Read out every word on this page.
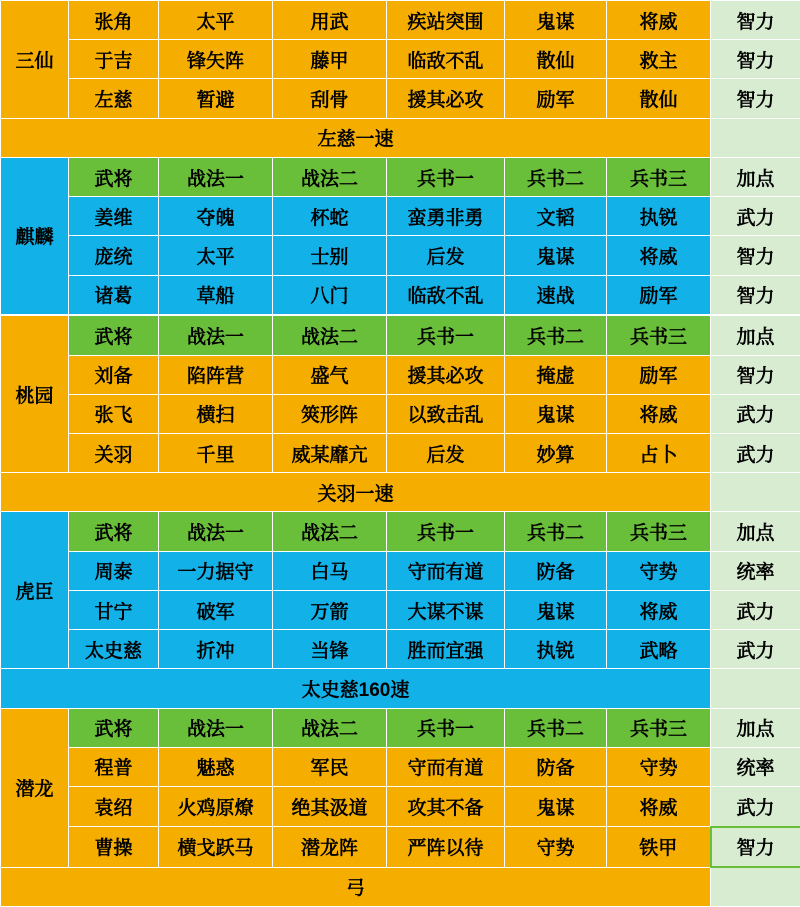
三仙	张角	太平	用武	疾站突围	鬼谋	将威	智力
	于吉	锋矢阵	藤甲	临敌不乱	散仙	救主	智力
	左慈	暂避	刮骨	援其必攻	励军	散仙	智力
左慈一速							
麒麟	武将	战法一	战法二	兵书一	兵书二	兵书三	加点
	姜维	夺魄	杯蛇	蛮勇非勇	文韬	执锐	武力
	庞统	太平	士别	后发	鬼谋	将威	智力
	诸葛	草船	八门	临敌不乱	速战	励军	智力

桃园	武将	战法一	战法二	兵书一	兵书二	兵书三	加点
	刘备	陷阵营	盛气	援其必攻	掩虚	励军	智力
	张飞	横扫	筴形阵	以致击乱	鬼谋	将威	武力
	关羽	千里	威某靡亢	后发	妙算	占卜	武力
关羽一速							
虎臣	武将	战法一	战法二	兵书一	兵书二	兵书三	加点
	周泰	一力据守	白马	守而有道	防备	守势	统率
	甘宁	破军	万箭	大谋不谋	鬼谋	将威	武力
	太史慈	折冲	当锋	胜而宜强	执锐	武略	武力
太史慈160速							
潜龙	武将	战法一	战法二	兵书一	兵书二	兵书三	加点
	程普	魅惑	军民	守而有道	防备	守势	统率
	袁绍	火鸡原燎	绝其汲道	攻其不备	鬼谋	将威	武力
	曹操	横戈跃马	潜龙阵	严阵以待	守势	铁甲	智力
弓							
